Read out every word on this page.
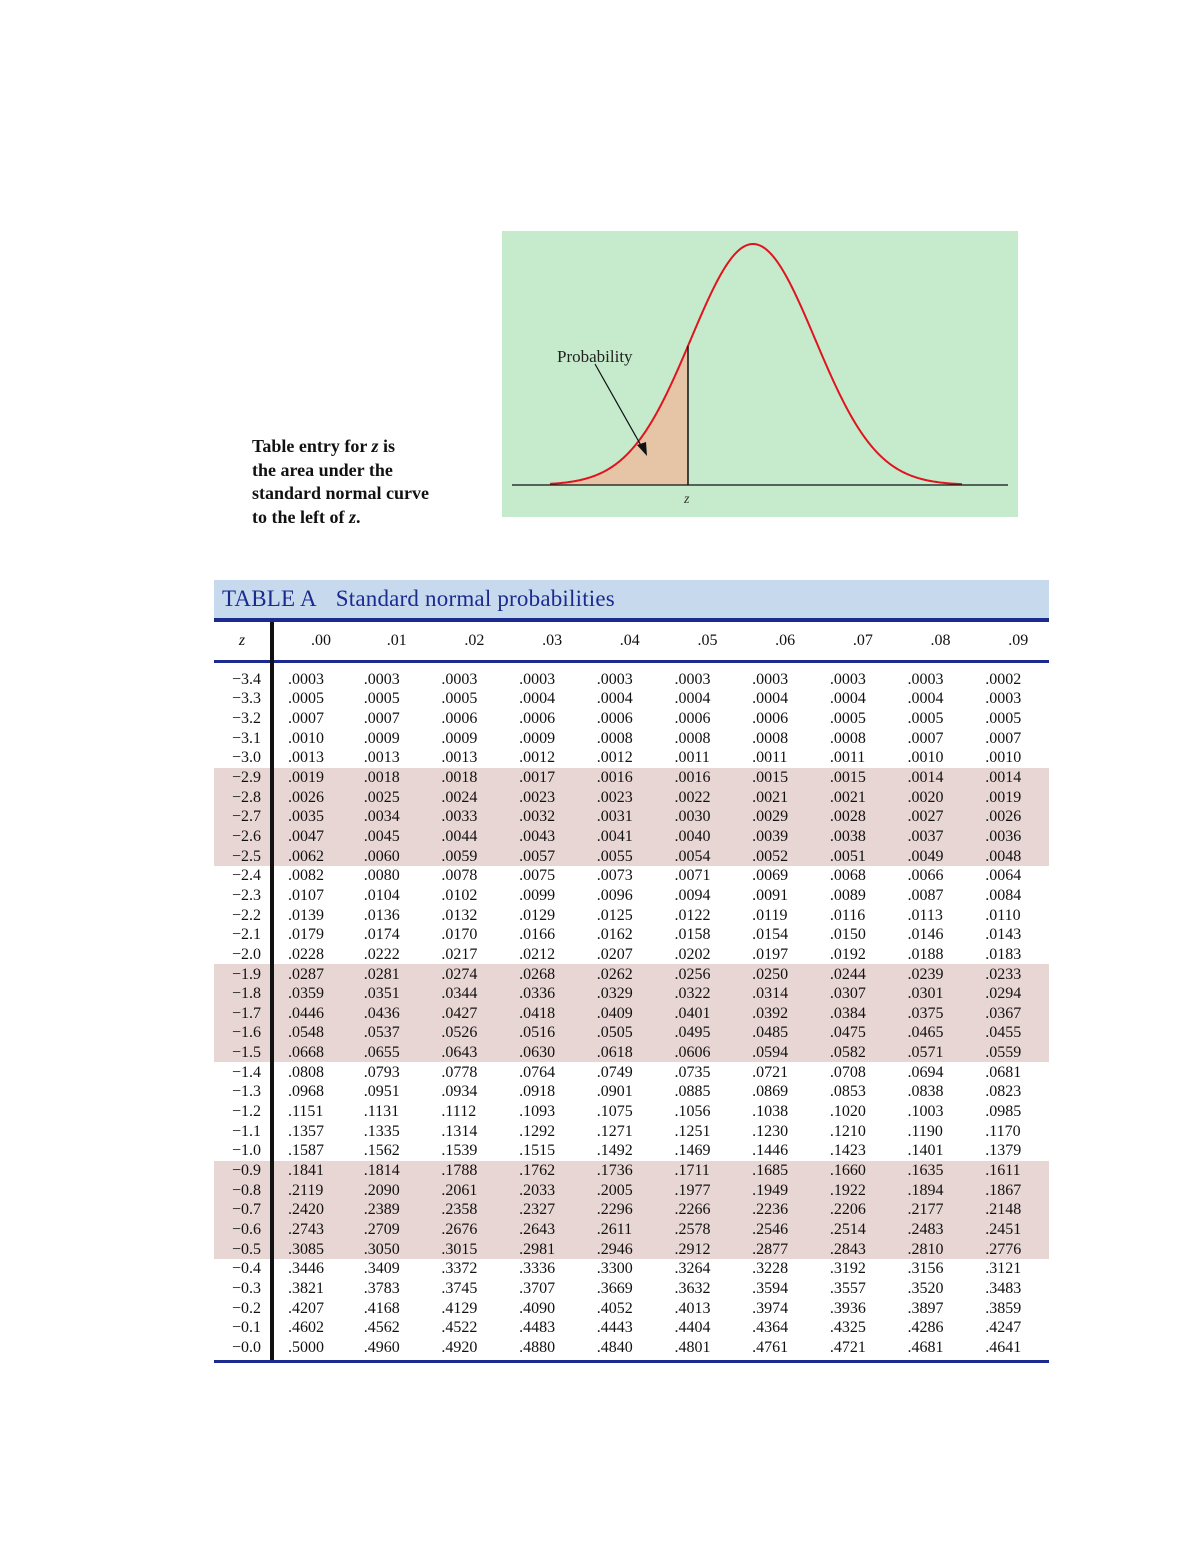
Table entry for z is
the area under the
standard normal curve
to the left of z.
Probability
z
TABLE A Standard normal probabilities
z	.00	.01	.02	.03	.04	.05	.06	.07	.08	.09
−3.4	.0003	.0003	.0003	.0003	.0003	.0003	.0003	.0003	.0003	.0002
−3.3	.0005	.0005	.0005	.0004	.0004	.0004	.0004	.0004	.0004	.0003
−3.2	.0007	.0007	.0006	.0006	.0006	.0006	.0006	.0005	.0005	.0005
−3.1	.0010	.0009	.0009	.0009	.0008	.0008	.0008	.0008	.0007	.0007
−3.0	.0013	.0013	.0013	.0012	.0012	.0011	.0011	.0011	.0010	.0010
−2.9	.0019	.0018	.0018	.0017	.0016	.0016	.0015	.0015	.0014	.0014
−2.8	.0026	.0025	.0024	.0023	.0023	.0022	.0021	.0021	.0020	.0019
−2.7	.0035	.0034	.0033	.0032	.0031	.0030	.0029	.0028	.0027	.0026
−2.6	.0047	.0045	.0044	.0043	.0041	.0040	.0039	.0038	.0037	.0036
−2.5	.0062	.0060	.0059	.0057	.0055	.0054	.0052	.0051	.0049	.0048
−2.4	.0082	.0080	.0078	.0075	.0073	.0071	.0069	.0068	.0066	.0064
−2.3	.0107	.0104	.0102	.0099	.0096	.0094	.0091	.0089	.0087	.0084
−2.2	.0139	.0136	.0132	.0129	.0125	.0122	.0119	.0116	.0113	.0110
−2.1	.0179	.0174	.0170	.0166	.0162	.0158	.0154	.0150	.0146	.0143
−2.0	.0228	.0222	.0217	.0212	.0207	.0202	.0197	.0192	.0188	.0183
−1.9	.0287	.0281	.0274	.0268	.0262	.0256	.0250	.0244	.0239	.0233
−1.8	.0359	.0351	.0344	.0336	.0329	.0322	.0314	.0307	.0301	.0294
−1.7	.0446	.0436	.0427	.0418	.0409	.0401	.0392	.0384	.0375	.0367
−1.6	.0548	.0537	.0526	.0516	.0505	.0495	.0485	.0475	.0465	.0455
−1.5	.0668	.0655	.0643	.0630	.0618	.0606	.0594	.0582	.0571	.0559
−1.4	.0808	.0793	.0778	.0764	.0749	.0735	.0721	.0708	.0694	.0681
−1.3	.0968	.0951	.0934	.0918	.0901	.0885	.0869	.0853	.0838	.0823
−1.2	.1151	.1131	.1112	.1093	.1075	.1056	.1038	.1020	.1003	.0985
−1.1	.1357	.1335	.1314	.1292	.1271	.1251	.1230	.1210	.1190	.1170
−1.0	.1587	.1562	.1539	.1515	.1492	.1469	.1446	.1423	.1401	.1379
−0.9	.1841	.1814	.1788	.1762	.1736	.1711	.1685	.1660	.1635	.1611
−0.8	.2119	.2090	.2061	.2033	.2005	.1977	.1949	.1922	.1894	.1867
−0.7	.2420	.2389	.2358	.2327	.2296	.2266	.2236	.2206	.2177	.2148
−0.6	.2743	.2709	.2676	.2643	.2611	.2578	.2546	.2514	.2483	.2451
−0.5	.3085	.3050	.3015	.2981	.2946	.2912	.2877	.2843	.2810	.2776
−0.4	.3446	.3409	.3372	.3336	.3300	.3264	.3228	.3192	.3156	.3121
−0.3	.3821	.3783	.3745	.3707	.3669	.3632	.3594	.3557	.3520	.3483
−0.2	.4207	.4168	.4129	.4090	.4052	.4013	.3974	.3936	.3897	.3859
−0.1	.4602	.4562	.4522	.4483	.4443	.4404	.4364	.4325	.4286	.4247
−0.0	.5000	.4960	.4920	.4880	.4840	.4801	.4761	.4721	.4681	.4641
